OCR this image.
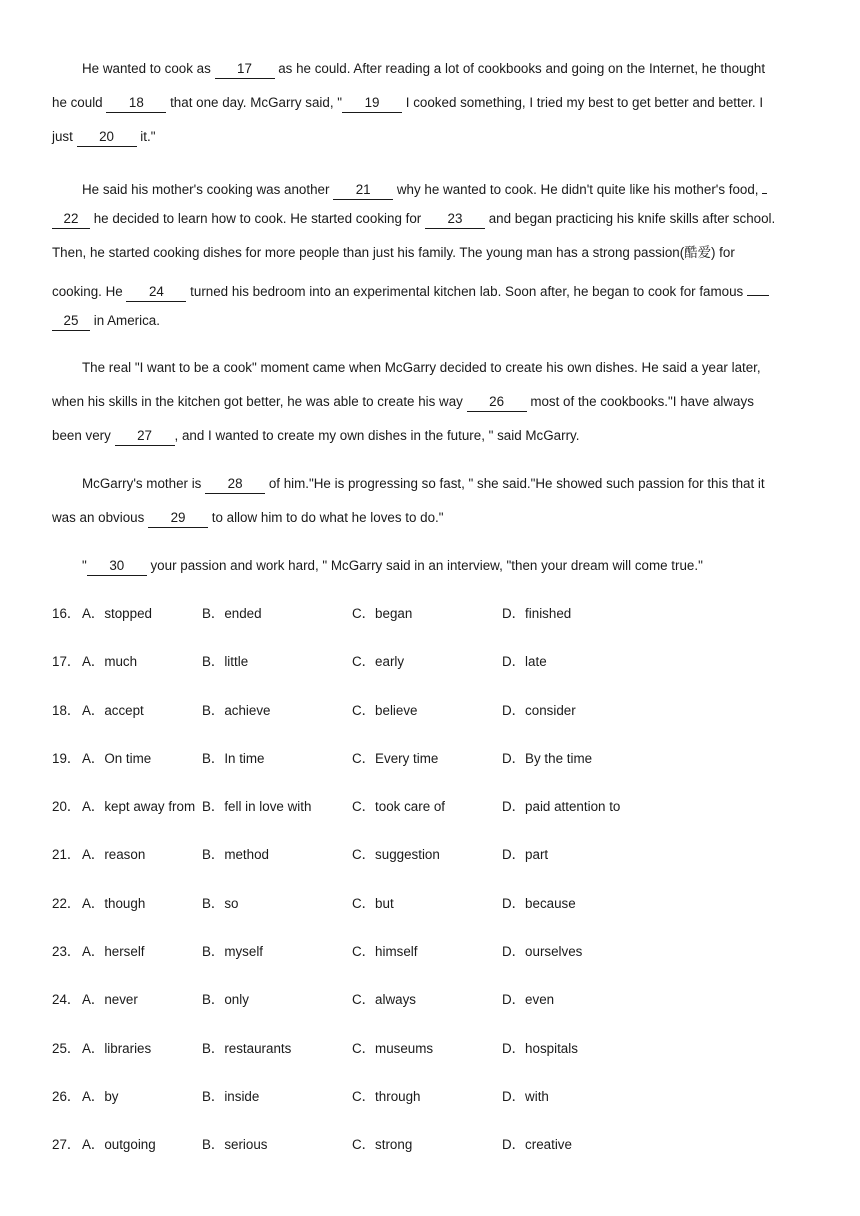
He wanted to cook as 17 as he could. After reading a lot of cookbooks and going on the Internet, he thought
he could 18 that one day. McGarry said, " 19 I cooked something, I tried my best to get better and better. I
just 20 it."
He said his mother's cooking was another 21 why he wanted to cook. He didn't quite like his mother's food,
22 he decided to learn how to cook. He started cooking for 23 and began practicing his knife skills after school.
Then, he started cooking dishes for more people than just his family. The young man has a strong passion(酷爱) for
cooking. He 24 turned his bedroom into an experimental kitchen lab. Soon after, he began to cook for famous
25 in America.
The real "I want to be a cook" moment came when McGarry decided to create his own dishes. He said a year later,
when his skills in the kitchen got better, he was able to create his way 26 most of the cookbooks."I have always
been very 27 , and I wanted to create my own dishes in the future, " said McGarry.
McGarry's mother is 28 of him."He is progressing so fast, " she said."He showed such passion for this that it
was an obvious 29 to allow him to do what he loves to do."
" 30 your passion and work hard, " McGarry said in an interview, "then your dream will come true."
16． A．stopped	B．ended	C．began	D．finished
17． A．much	B．little	C．early	D．late
18． A．accept	B．achieve	C．believe	D．consider
19． A．On time	B．In time	C．Every time	D．By the time
20． A．kept away from B．fell in love with	C．took care of	D．paid attention to
21． A．reason	B．method	C．suggestion	D．part
22． A．though	B．so	C．but	D．because
23． A．herself	B．myself	C．himself	D．ourselves
24． A．never	B．only	C．always	D．even
25． A．libraries	B．restaurants	C．museums	D．hospitals
26． A．by	B．inside	C．through	D．with
27． A．outgoing	B．serious	C．strong	D．creative
